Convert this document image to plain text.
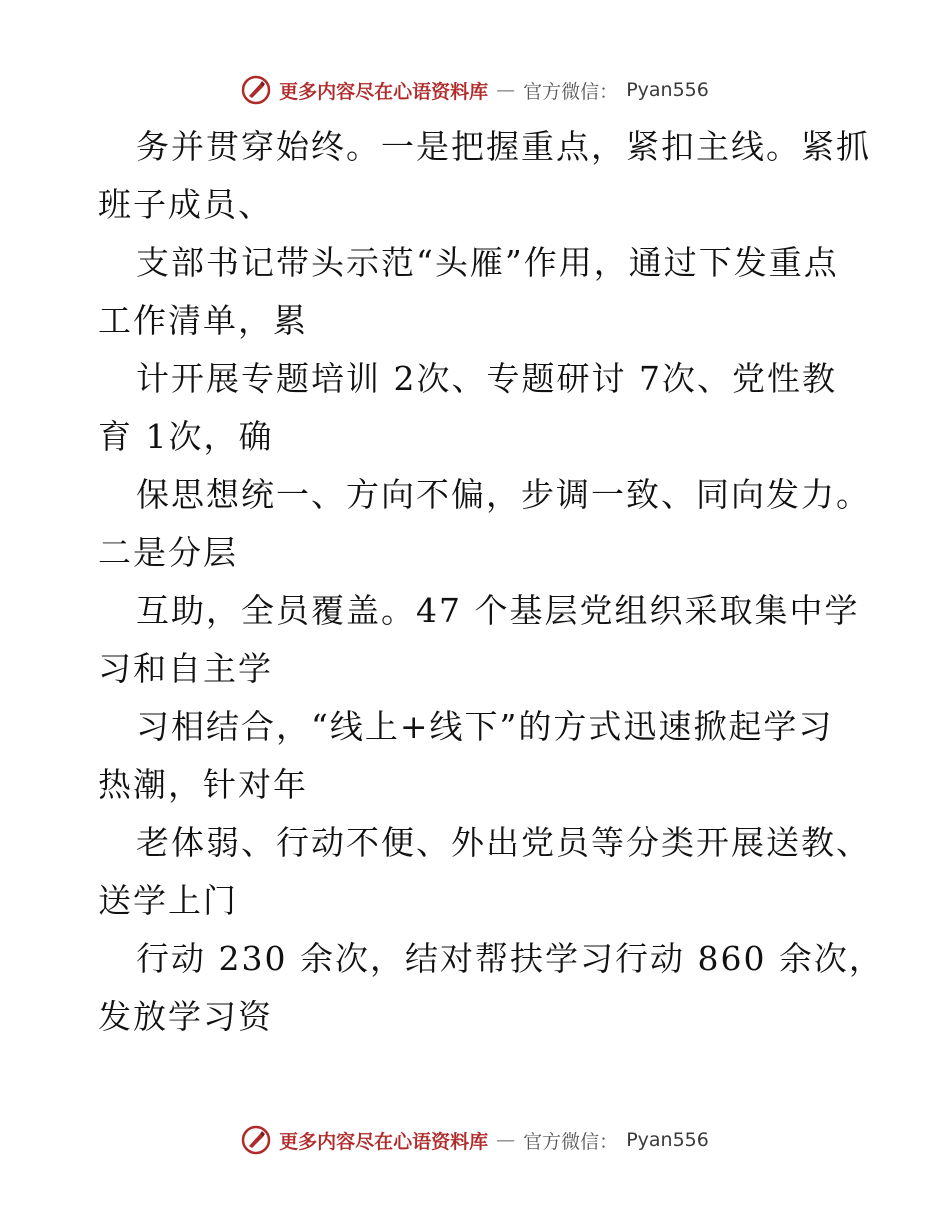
更多内容尽在心语资料库 — 官方微信： Pyan556

务并贯穿始终。一是把握重点，紧扣主线。紧抓
班子成员、

支部书记带头示范“头雁”作用，通过下发重点
工作清单，累

计开展专题培训 2次、专题研讨 7次、党性教
育 1次，确

保思想统一、方向不偏，步调一致、同向发力。
二是分层

互助，全员覆盖。47 个基层党组织采取集中学
习和自主学

习相结合，“线上+线下”的方式迅速掀起学习
热潮，针对年

老体弱、行动不便、外出党员等分类开展送教、
送学上门

行动 230 余次，结对帮扶学习行动 860 余次，
发放学习资

更多内容尽在心语资料库 — 官方微信： Pyan556
